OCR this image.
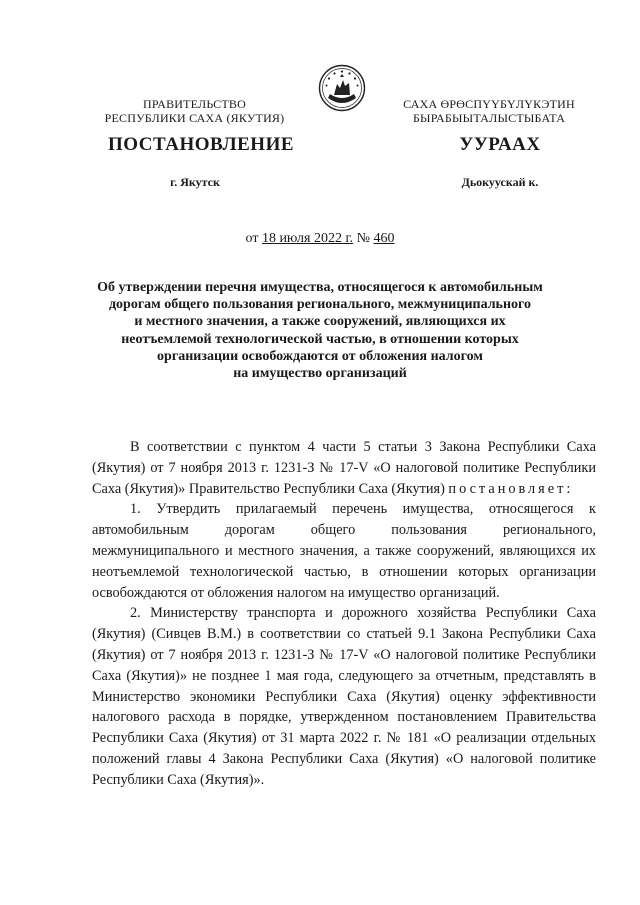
ПРАВИТЕЛЬСТВО
РЕСПУБЛИКИ САХА (ЯКУТИЯ)
САХА ӨРӨСПҮҮБҮЛҮКЭТИН
БЫРАБЫЫТАЛЫСТЫБАТА
ПОСТАНОВЛЕНИЕ	УУРААХ
г. Якутск	Дьокуускай к.
от 18 июля 2022 г. № 460
Об утверждении перечня имущества, относящегося к автомобильным
дорогам общего пользования регионального, межмуниципального
и местного значения, а также сооружений, являющихся их
неотъемлемой технологической частью, в отношении которых
организации освобождаются от обложения налогом
на имущество организаций

В соответствии с пунктом 4 части 5 статьи 3 Закона Республики Саха (Якутия) от 7 ноября 2013 г. 1231-З № 17-V «О налоговой политике Республики Саха (Якутия)» Правительство Республики Саха (Якутия) постановляет:

1. Утвердить прилагаемый перечень имущества, относящегося к автомобильным дорогам общего пользования регионального, межмуниципального и местного значения, а также сооружений, являющихся их неотъемлемой технологической частью, в отношении которых организации освобождаются от обложения налогом на имущество организаций.

2. Министерству транспорта и дорожного хозяйства Республики Саха (Якутия) (Сивцев В.М.) в соответствии со статьей 9.1 Закона Республики Саха (Якутия) от 7 ноября 2013 г. 1231-З № 17-V «О налоговой политике Республики Саха (Якутия)» не позднее 1 мая года, следующего за отчетным, представлять в Министерство экономики Республики Саха (Якутия) оценку эффективности налогового расхода в порядке, утвержденном постановлением Правительства Республики Саха (Якутия) от 31 марта 2022 г. № 181 «О реализации отдельных положений главы 4 Закона Республики Саха (Якутия) «О налоговой политике Республики Саха (Якутия)».
